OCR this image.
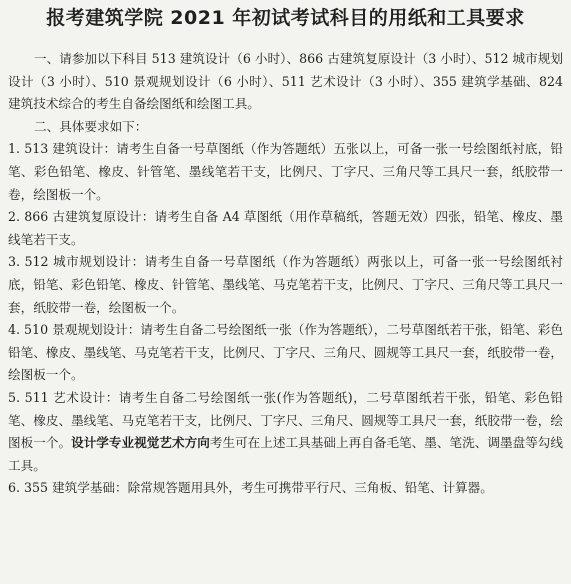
报考建筑学院 2021 年初试考试科目的用纸和工具要求

一、请参加以下科目 513 建筑设计（6 小时）、866 古建筑复原设计（3 小时）、512 城市规划设计（3 小时）、510 景观规划设计（6 小时）、511 艺术设计（3 小时）、355 建筑学基础、824 建筑技术综合的考生自备绘图纸和绘图工具。

二、具体要求如下：

1. 513 建筑设计：请考生自备一号草图纸（作为答题纸）五张以上，可备一张一号绘图纸衬底，铅笔、彩色铅笔、橡皮、针管笔、墨线笔若干支，比例尺、丁字尺、三角尺等工具尺一套，纸胶带一卷，绘图板一个。

2. 866 古建筑复原设计：请考生自备 A4 草图纸（用作草稿纸，答题无效）四张，铅笔、橡皮、墨线笔若干支。

3. 512 城市规划设计：请考生自备一号草图纸（作为答题纸）两张以上，可备一张一号绘图纸衬底，铅笔、彩色铅笔、橡皮、针管笔、墨线笔、马克笔若干支，比例尺、丁字尺、三角尺等工具尺一套，纸胶带一卷，绘图板一个。

4. 510 景观规划设计：请考生自备二号绘图纸一张（作为答题纸），二号草图纸若干张，铅笔、彩色铅笔、橡皮、墨线笔、马克笔若干支，比例尺、丁字尺、三角尺、圆规等工具尺一套，纸胶带一卷，绘图板一个。

5. 511 艺术设计：请考生自备二号绘图纸一张(作为答题纸)，二号草图纸若干张，铅笔、彩色铅笔、橡皮、墨线笔、马克笔若干支，比例尺、丁字尺、三角尺、圆规等工具尺一套，纸胶带一卷，绘图板一个。设计学专业视觉艺术方向考生可在上述工具基础上再自备毛笔、墨、笔洗、调墨盘等勾线工具。

6. 355 建筑学基础：除常规答题用具外，考生可携带平行尺、三角板、铅笔、计算器。
